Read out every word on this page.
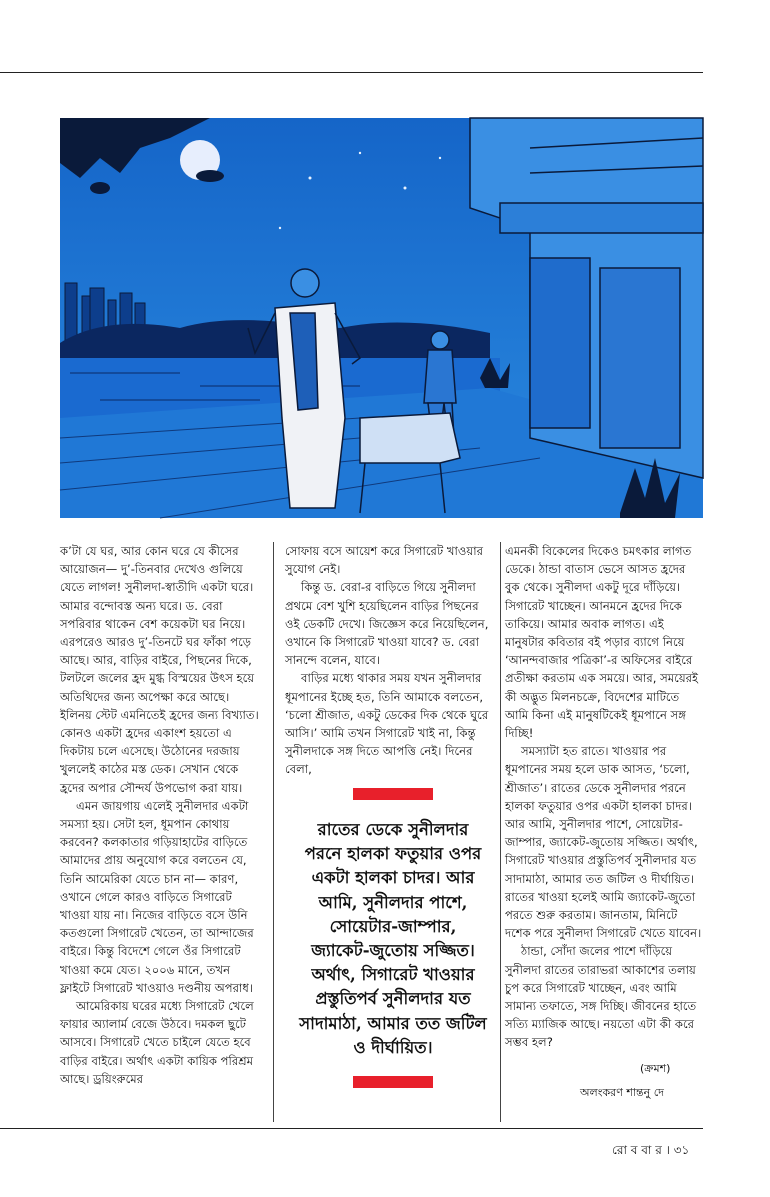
ক’টা যে ঘর, আর কোন ঘরে যে কীসের আয়োজন— দু’-তিনবার দেখেও গুলিয়ে যেতে লাগল! সুনীলদা-স্বাতীদি একটা ঘরে। আমার বন্দোবস্ত অন্য ঘরে। ড. বেরা সপরিবার থাকেন বেশ কয়েকটা ঘর নিয়ে। এরপরেও আরও দু’-তিনটে ঘর ফাঁকা পড়ে আছে। আর, বাড়ির বাইরে, পিছনের দিকে, টলটলে জলের হ্রদ মুগ্ধ বিস্ময়ের উৎস হয়ে অতিথিদের জন্য অপেক্ষা করে আছে। ইলিনয় স্টেট এমনিতেই হ্রদের জন্য বিখ্যাত। কোনও একটা হ্রদের একাংশ হয়তো এ দিকটায় চলে এসেছে। উঠোনের দরজায় খুললেই কাঠের মস্ত ডেক। সেখান থেকে হ্রদের অপার সৌন্দর্য উপভোগ করা যায়।

এমন জায়গায় এলেই সুনীলদার একটা সমস্যা হয়। সেটা হল, ধূমপান কোথায় করবেন? কলকাতার গড়িয়াহাটের বাড়িতে আমাদের প্রায় অনুযোগ করে বলতেন যে, তিনি আমেরিকা যেতে চান না— কারণ, ওখানে গেলে কারও বাড়িতে সিগারেট খাওয়া যায় না। নিজের বাড়িতে বসে উনি কতগুলো সিগারেট খেতেন, তা আন্দাজের বাইরে। কিন্তু বিদেশে গেলে ওঁর সিগারেট খাওয়া কমে যেত। ২০০৬ মানে, তখন ফ্লাইটে সিগারেট খাওয়াও দণ্ডনীয় অপরাধ।

আমেরিকায় ঘরের মধ্যে সিগারেট খেলে ফায়ার অ্যালার্ম বেজে উঠবে। দমকল ছুটে আসবে। সিগারেট খেতে চাইলে যেতে হবে বাড়ির বাইরে। অর্থাৎ একটা কায়িক পরিশ্রম আছে। ড্রয়িংরুমের

সোফায় বসে আয়েশ করে সিগারেট খাওয়ার সুযোগ নেই।

কিন্তু ড. বেরা-র বাড়িতে গিয়ে সুনীলদা প্রথমে বেশ খুশি হয়েছিলেন বাড়ির পিছনের ওই ডেকটি দেখে। জিজ্ঞেস করে নিয়েছিলেন, ওখানে কি সিগারেট খাওয়া যাবে? ড. বেরা সানন্দে বলেন, যাবে।

বাড়ির মধ্যে থাকার সময় যখন সুনীলদার ধূমপানের ইচ্ছে হত, তিনি আমাকে বলতেন, ‘চলো শ্রীজাত, একটু ডেকের দিক থেকে ঘুরে আসি।’ আমি তখন সিগারেট খাই না, কিন্তু সুনীলদাকে সঙ্গ দিতে আপত্তি নেই। দিনের বেলা,

রাতের ডেকে সুনীলদার পরনে হালকা ফতুয়ার ওপর একটা হালকা চাদর। আর আমি, সুনীলদার পাশে, সোয়েটার-জাম্পার, জ্যাকেট-জুতোয় সজ্জিত। অর্থাৎ, সিগারেট খাওয়ার প্রস্তুতিপর্ব সুনীলদার যত সাদামাঠা, আমার তত জটিল ও দীর্ঘায়িত।

এমনকী বিকেলের দিকেও চমৎকার লাগত ডেকে। ঠান্ডা বাতাস ভেসে আসত হ্রদের বুক থেকে। সুনীলদা একটু দূরে দাঁড়িয়ে। সিগারেট খাচ্ছেন। আনমনে হ্রদের দিকে তাকিয়ে। আমার অবাক লাগত। এই মানুষটার কবিতার বই পড়ার ব্যাগে নিয়ে ‘আনন্দবাজার পত্রিকা’-র অফিসের বাইরে প্রতীক্ষা করতাম এক সময়ে। আর, সময়েরই কী অদ্ভুত মিলনচক্রে, বিদেশের মাটিতে আমি কিনা এই মানুষটিকেই ধূমপানে সঙ্গ দিচ্ছি!

সমস্যাটা হত রাতে। খাওয়ার পর ধূমপানের সময় হলে ডাক আসত, ‘চলো, শ্রীজাত’। রাতের ডেকে সুনীলদার পরনে হালকা ফতুয়ার ওপর একটা হালকা চাদর। আর আমি, সুনীলদার পাশে, সোয়েটার-জাম্পার, জ্যাকেট-জুতোয় সজ্জিত। অর্থাৎ, সিগারেট খাওয়ার প্রস্তুতিপর্ব সুনীলদার যত সাদামাঠা, আমার তত জটিল ও দীর্ঘায়িত। রাতের খাওয়া হলেই আমি জ্যাকেট-জুতো পরতে শুরু করতাম। জানতাম, মিনিটে দশেক পরে সুনীলদা সিগারেট খেতে যাবেন।

ঠান্ডা, সোঁদা জলের পাশে দাঁড়িয়ে সুনীলদা রাতের তারাভরা আকাশের তলায় চুপ করে সিগারেট খাচ্ছেন, এবং আমি সামান্য তফাতে, সঙ্গ দিচ্ছি। জীবনের হাতে সত্যি ম্যাজিক আছে। নয়তো এটা কী করে সম্ভব হল?

(ক্রমশ)
অলংকরণ শান্তনু দে
রো ব বা র । ৩১
